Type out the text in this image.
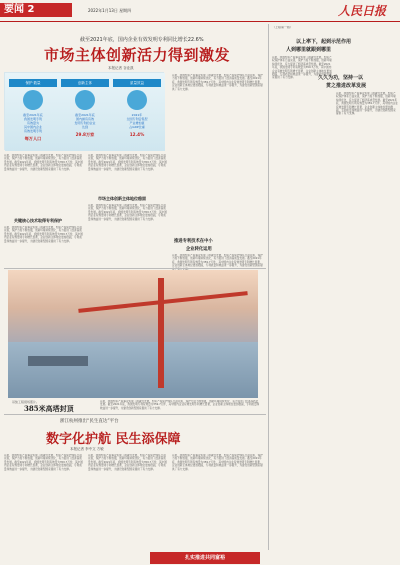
要闻 2	2022年1月13日 星期四	人民日报
截至2021年底，国内企业有效发明专利同比增长22.6%
市场主体创新活力得到激发
本报记者 谷业凯
保护·数量
截至2021年底
我国发明专利
有效量为
其中国内企业
有效发明专利
每万人口
创新主体
截至2021年底
国内拥有有效
发明专利的企业
达到
29.8万家
质量效益
2021年
全国专利密集型
产业增加值
占GDP比重
12.4%
以来，我国知识产权事业实现了跨越式发展，知识产权保护体系日益完善，保护力度不断加强，创新环境持续优化，有力促进了经济高质量发展。截至2021年底，我国发明专利有效量为359.7万件，其中国内企业有效发明专利增长显著，企业创新主体地位更加稳固，专利质量和效益进一步提升，为建设创新型国家提供了有力支撑。
关键核心技术取得专利保护
以来，我国知识产权事业实现了跨越式发展，知识产权保护体系日益完善，保护力度不断加强，创新环境持续优化，有力促进了经济高质量发展。截至2021年底，我国发明专利有效量为359.7万件，其中国内企业有效发明专利增长显著，企业创新主体地位更加稳固，专利质量和效益进一步提升，为建设创新型国家提供了有力支撑。
以来，我国知识产权事业实现了跨越式发展，知识产权保护体系日益完善，保护力度不断加强，创新环境持续优化，有力促进了经济高质量发展。截至2021年底，我国发明专利有效量为359.7万件，其中国内企业有效发明专利增长显著，企业创新主体地位更加稳固，专利质量和效益进一步提升，为建设创新型国家提供了有力支撑。
市场主体创新主体地位稳固
以来，我国知识产权事业实现了跨越式发展，知识产权保护体系日益完善，保护力度不断加强，创新环境持续优化，有力促进了经济高质量发展。截至2021年底，我国发明专利有效量为359.7万件，其中国内企业有效发明专利增长显著，企业创新主体地位更加稳固，专利质量和效益进一步提升，为建设创新型国家提供了有力支撑。
以来，我国知识产权事业实现了跨越式发展，知识产权保护体系日益完善，保护力度不断加强，创新环境持续优化，有力促进了经济高质量发展。截至2021年底，我国发明专利有效量为359.7万件，其中国内企业有效发明专利增长显著，企业创新主体地位更加稳固，专利质量和效益进一步提升，为建设创新型国家提供了有力支撑。
推进专利技术在中小
企业转化运用
以来，我国知识产权事业实现了跨越式发展，知识产权保护体系日益完善，保护力度不断加强，创新环境持续优化，有力促进了经济高质量发展。截至2021年底，我国发明专利有效量为359.7万件，其中国内企业有效发明专利增长显著，企业创新主体地位更加稳固，专利质量和效益进一步提升，为建设创新型国家提
吊装工程现场照片。
385米高塔封顶
以来，我国知识产权事业实现了跨越式发展，知识产权保护体系日益完善，保护力度不断加强，创新环境持续优化，有力促进了经济高质量发展。截至2021年底，我国发明专利有效量为359.7万件，其中国内企业有效发明专利增长显著，企业创新主体地位更加稳固，专利质量和效益进一步提升，为建设创新型国家提供了有力支撑。
浙江杭州推出“民生直达”平台
数字化护航 民生添保障
本报记者 李中文 方敏
以来，我国知识产权事业实现了跨越式发展，知识产权保护体系日益完善，保护力度不断加强，创新环境持续优化，有力促进了经济高质量发展。截至2021年底，我国发明专利有效量为359.7万件，其中国内企业有效发明专利增长显著，企业创新主体地位更加稳固，专利质量和效益进一步提升，为建设创新型国家提供了有力支撑。
以来，我国知识产权事业实现了跨越式发展，知识产权保护体系日益完善，保护力度不断加强，创新环境持续优化，有力促进了经济高质量发展。截至2021年底，我国发明专利有效量为359.7万件，其中国内企业有效发明专利增长显著，企业创新主体地位更加稳固，专利质量和效益进一步提升，为建设创新型国家提供了有力支撑。
以来，我国知识产权事业实现了跨越式发展，知识产权保护体系日益完善，保护力度不断加强，创新环境持续优化，有力促进了经济高质量发展。截至2021年底，我国发明专利有效量为359.7万件，其中国内企业有效发明专利增长显著，企业创新主体地位更加稳固，专利质量和效益进一步提升，为建设创新型国家提供了有力支撑。
（上接第一版）
以上率下，起到示范作用
人到哪里就跟到哪里
久久为功，坚持一以
贯之推进改革发展
以来，我国知识产权事业实现了跨越式发展，知识产权保护体系日益完善，保护力度不断加强，创新环境持续优化，有力促进了经济高质量发展。截至2021年底，我国发明专利有效量为359.7万件，其中国内企业有效发明专利增长显著，企业创新主体地位更加稳固，专利质量和效益进一步提升，为建设创新型国家提供了有力支撑。
以来，我国知识产权事业实现了跨越式发展，知识产权保护体系日益完善，保护力度不断加强，创新环境持续优化，有力促进了经济高质量发展。截至2021年底，我国发明专利有效量为359.7万件，其中国内企业有效发明专利增长显著，企业创新主体地位更加稳固，专利质量和效益进一步提升，为建设创新型国家提供了有力支撑。
扎实推进共同富裕
